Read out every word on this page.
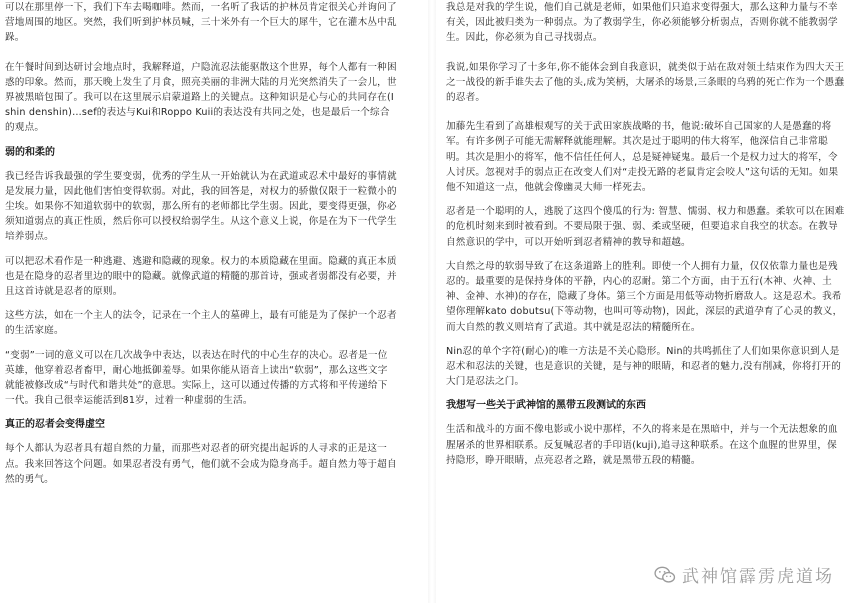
可以在那里停一下，我们下车去喝咖啡。然而，一名听了我话的护林员肯定很关心并询问了营地周围的地区。突然，我们听到护林员喊，三十米外有一个巨大的犀牛，它在灌木丛中乱跺。

在午餐时间到达研讨会地点时，我解释道，户隐流忍法能驱散这个世界，每个人都有一种困惑的印象。然而，那天晚上发生了月食，照亮美丽的非洲大陆的月光突然消失了一会儿，世界被黑暗包围了。我可以在这里展示启蒙道路上的关键点。这种知识是心与心的共同存在(Ishin denshin)…sef的表达与Kui和Roppo Kuii的表达没有共同之处，也是最后一个综合的观点。

弱的和柔的

我已经告诉我最强的学生要变弱，优秀的学生从一开始就认为在武道或忍术中最好的事情就是发展力量，因此他们害怕变得软弱。对此，我的回答是，对权力的骄傲仅限于一粒微小的尘埃。如果你不知道软弱中的软弱，那么所有的老师都比学生弱。因此，要变得更强，你必须知道弱点的真正性质，然后你可以授权给弱学生。从这个意义上说，你是在为下一代学生培养弱点。

可以把忍术看作是一种逃避、逃避和隐藏的现象。权力的本质隐藏在里面。隐藏的真正本质也是在隐身的忍者里边的眼中的隐藏。就像武道的精髓的那首诗，强或者弱都没有必要，并且这首诗就是忍者的原则。

这些方法，如在一个主人的法令，记录在一个主人的墓碑上，最有可能是为了保护一个忍者的生活家庭。

“变弱”一词的意义可以在几次战争中表达，以表达在时代的中心生存的决心。忍者是一位英雄，他穿着忍者畜甲，耐心地抵御羞辱。如果你能从语音上读出“软弱”，那么这些文字就能被修改成“与时代和谐共处”的意思。实际上，这可以通过传播的方式将和平传递给下一代。我自己很幸运能活到81岁，过着一种虚弱的生活。

真正的忍者会变得虚空

每个人都认为忍者具有超自然的力量，而那些对忍者的研究提出起诉的人寻求的正是这一点。我来回答这个问题。如果忍者没有勇气，他们就不会成为隐身高手。超自然力等于超自然的勇气。

我总是对我的学生说，他们自己就是老师，如果他们只追求变得强大，那么这种力量与不幸有关，因此被归类为一种弱点。为了教弱学生，你必须能够分析弱点，否则你就不能教弱学生。因此，你必须为自己寻找弱点。

我说,如果你学习了十多年,你不能体会到自我意识，就类似于站在敌对领土结束作为四大天王之一战役的新手谁失去了他的头,成为笑柄，大屠杀的场景,三条眼的乌鸦的死亡作为一个愚蠢的忍者。

加藤先生看到了高雄根观写的关于武田家族战略的书，他说:破坏自己国家的人是愚蠢的将军。有许多例子可能无需解释就能理解。其次是过于聪明的伟大将军，他深信自己非常聪明。其次是胆小的将军，他不信任任何人，总是疑神疑鬼。最后一个是权力过大的将军，令人讨厌。忽视对手的弱点正在改变人们对“走投无路的老鼠肯定会咬人”这句话的无知。如果他不知道这一点，他就会像幽灵大师一样死去。

忍者是一个聪明的人，逃脱了这四个傻瓜的行为: 智慧、懦弱、权力和愚蠢。柔软可以在困难的危机时刻来到时被看到。不要局限于强、弱、柔或坚硬，但要追求自我空的状态。在教导自然意识的学中，可以开始听到忍者精神的教导和超越。

大自然之母的软弱导致了在这条道路上的胜利。即使一个人拥有力量，仅仅依靠力量也是残忍的。最重要的是保持身体的平静，内心的忍耐。第二个方面，由于五行(木神、火神、土神、金神、水神)的存在，隐藏了身体。第三个方面是用低等动物折磨敌人。这是忍术。我希望你理解kato dobutsu(下等动物，也叫可等动物)，因此，深层的武道孕育了心灵的教义，而大自然的教义则培育了武道。其中就是忍法的精髓所在。

Nin忍的单个字符(耐心)的唯一方法是不关心隐形。Nin的共鸣抓住了人们如果你意识到人是忍术和忍法的关键，也是意识的关键，是与神的眼睛，和忍者的魅力,没有削减，你将打开的大门是忍法之门。

我想写一些关于武神馆的黑带五段测试的东西

生活和战斗的方面不像电影或小说中那样，不久的将来是在黑暗中，并与一个无法想象的血腥屠杀的世界相联系。反复喊忍者的手印语(kuji),追寻这种联系。在这个血腥的世界里，保持隐形，睁开眼睛，点亮忍者之路，就是黑带五段的精髓。

武神馆霹雳虎道场
